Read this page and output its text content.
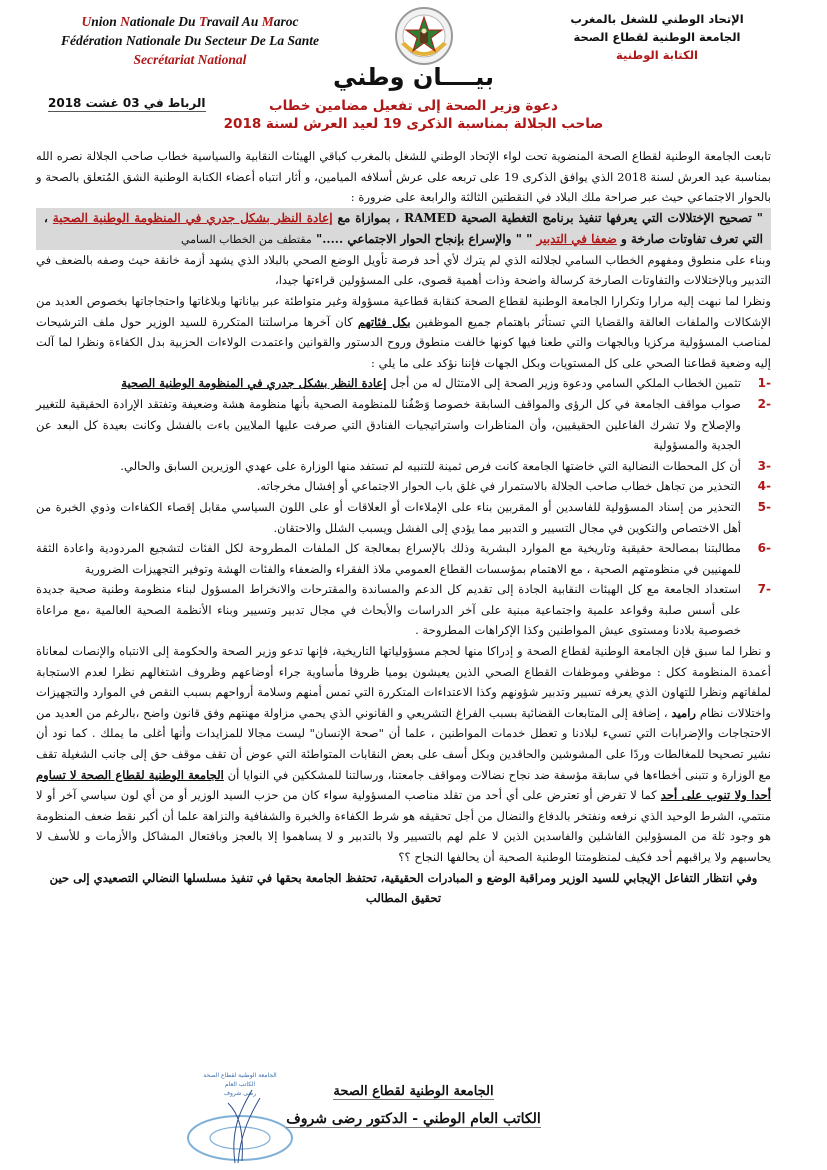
Union Nationale Du Travail Au Maroc
Fédération Nationale Du Secteur De La Sante
Secrétariat National
الإتحاد الوطني للشغل بالمغرب
الجامعة الوطنية لقطاع الصحة
الكتابة الوطنية
بيــــان وطني
دعوة وزير الصحة إلى تفعيل مضامين خطاب
صاحب الجلالة بمناسبة الذكرى 19 لعيد العرش لسنة 2018
الرباط في 03 غشت 2018

تابعت الجامعة الوطنية لقطاع الصحة المنضوية تحت لواء الإتحاد الوطني للشغل بالمغرب كباقي الهيئات النقابية والسياسية خطاب صاحب الجلالة نصره الله بمناسبة عيد العرش لسنة 2018 الذي يوافق الذكرى 19 على تربعه على عرش أسلافه الميامين، و أثار انتباه أعضاء الكتابة الوطنية الشق المُتعلق بالصحة و بالحوار الاجتماعي حيث عبر صراحة ملك البلاد في النقطتين الثالثة والرابعة على ضرورة :

" تصحيح الإختلالات التي يعرفها تنفيذ برنامج التغطية الصحية RAMED ، بموازاة مع إعادة النظر بشكل جدري في المنظومة الوطنية الصحية ، التي تعرف تفاوتات صارخة و ضعفا في التدبير " " والإسراع بإنجاح الحوار الاجتماعي ....." مقتطف من الخطاب السامي

وبناء على منطوق ومفهوم الخطاب السامي لجلالته الذي لم يترك لأي أحد فرصة تأويل الوضع الصحي بالبلاد الذي يشهد أزمة خانقة حيث وصفه بالضعف في التدبير وبالإختلالات والتفاوتات الصارخة كرسالة واضحة وذات أهمية قصوى، على المسؤولين قراءتها جيدا،

ونظرا لما نبهت إليه مرارا وتكرارا الجامعة الوطنية لقطاع الصحة كنقابة قطاعية مسؤولة وغير متواطئة عبر بياناتها وبلاغاتها واحتجاجاتها بخصوص العديد من الإشكالات والملفات العالقة والقضايا التي تستأثر باهتمام جميع الموظفين بكل فئاتهم كان آخرها مراسلتنا المتكررة للسيد الوزير حول ملف الترشيحات لمناصب المسؤولية مركزيا وبالجهات والتي طعنا فيها كونها خالفت منطوق وروح الدستور والقوانين واعتمدت الولاءات الحزبية بدل الكفاءة ونظرا لما آلت إليه وضعية قطاعنا الصحي على كل المستويات وبكل الجهات فإننا نؤكد على ما يلي :

-1
تثمين الخطاب الملكي السامي ودعوة وزير الصحة إلى الامتثال له من أجل إعادة النظر بشكل جدري في المنظومة الوطنية الصحية
-2
صواب مواقف الجامعة في كل الرؤى والمواقف السابقة خصوصا وَصْفُنا للمنظومة الصحية بأنها منظومة هشة وضعيفة وتفتقد الإرادة الحقيقية للتغيير والإصلاح ولا تشرك الفاعلين الحقيقيين، وأن المناظرات واستراتيجيات الفنادق التي صرفت عليها الملايين باءت بالفشل وكانت بعيدة كل البعد عن الجدية والمسؤولية
-3
أن كل المحطات النضالية التي خاضتها الجامعة كانت فرص ثمينة للتنبيه لم تستفد منها الوزارة على عهدي الوزيرين السابق والحالي.
-4
التحذير من تجاهل خطاب صاحب الجلالة بالاستمرار في غلق باب الحوار الاجتماعي أو إفشال مخرجاته.
-5
التحذير من إسناد المسؤولية للفاسدين أو المقربين بناء على الإملاءات أو العلاقات أو على اللون السياسي مقابل إقصاء الكفاءات وذوي الخبرة من أهل الاختصاص والتكوين في مجال التسيير و التدبير مما يؤدي إلى الفشل ويسبب الشلل والاحتقان.
-6
مطالبتنا بمصالحة حقيقية وتاريخية مع الموارد البشرية وذلك بالإسراع بمعالجة كل الملفات المطروحة لكل الفئات لتشجيع المردودية واعادة الثقة للمهنيين في منظومتهم الصحية ، مع الاهتمام بمؤسسات القطاع العمومي ملاذ الفقراء والضعفاء والفئات الهشة وتوفير التجهيزات الضرورية
-7
استعداد الجامعة مع كل الهيئات النقابية الجادة إلى تقديم كل الدعم والمساندة والمقترحات والانخراط المسؤول لبناء منظومة وطنية صحية جديدة على أسس صلبة وقواعد علمية واجتماعية مبنية على آخر الدراسات والأبحاث في مجال تدبير وتسيير وبناء الأنظمة الصحية العالمية ،مع مراعاة خصوصية بلادنا ومستوى عيش المواطنين وكذا الإكراهات المطروحة .

و نظرا لما سبق فإن الجامعة الوطنية لقطاع الصحة و إدراكا منها لحجم مسؤولياتها التاريخية، فإنها تدعو وزير الصحة والحكومة إلى الانتباه والإنصات لمعاناة أعمدة المنظومة ككل : موظفي وموظفات القطاع الصحي الذين يعيشون يوميا ظروفا مأساوية جراء أوضاعهم وظروف اشتغالهم نظرا لعدم الاستجابة لملفاتهم ونظرا للتهاون الذي يعرفه تسيير وتدبير شؤونهم وكذا الاعتداءات المتكررة التي تمس أمنهم وسلامة أرواحهم بسبب النقص في الموارد والتجهيزات واختلالات نظام راميد ، إضافة إلى المتابعات القضائية بسبب الفراغ التشريعي و القانوني الذي يحمي مزاولة مهنتهم وفق قانون واضح ،بالرغم من العديد من الاحتجاجات والإضرابات التي تسيء لبلادنا و تعطل خدمات المواطنين ، علما أن "صحة الإنسان" ليست مجالا للمزايدات وأنها أغلى ما يملك . كما نود أن نشير تصحيحا للمغالطات وردًا على المشوشين والحاقدين وبكل أسف على بعض النقابات المتواطئة التي عوض أن تقف موقف حق إلى جانب الشغيلة تقف مع الوزارة و تتبنى أخطاءها في سابقة مؤسفة ضد نجاح نضالات ومواقف جامعتنا، ورسالتنا للمشككين في النوايا أن الجامعة الوطنية لقطاع الصحة لا تساوم أحدا ولا تنوب على أحد كما لا تفرض أو تعترض على أي أحد من تقلد مناصب المسؤولية سواء كان من حزب السيد الوزير أو من أي لون سياسي آخر أو لا منتمي، الشرط الوحيد الذي نرفعه ونفتخر بالدفاع والنضال من أجل تحقيقه هو شرط الكفاءة والخبرة والشفافية والنزاهة علما أن أكبر نقط ضعف المنظومة هو وجود ثلة من المسؤولين الفاشلين والفاسدين الذين لا علم لهم بالتسيير ولا بالتدبير و لا يساهموا إلا بالعجز وبافتعال المشاكل والأزمات و للأسف لا يحاسبهم ولا يراقبهم أحد فكيف لمنظومتنا الوطنية الصحية أن يحالفها النجاح ؟؟

وفي انتظار التفاعل الإيجابي للسيد الوزير ومراقبة الوضع و المبادرات الحقيقية، تحتفظ الجامعة بحقها في تنفيذ مسلسلها النضالي التصعيدي إلى حين تحقيق المطالب

الجامعة الوطنية لقطاع الصحة
الكاتب العام
رضى شروف	الجامعة الوطنية لقطاع الصحة
الكاتب العام الوطني - الدكتور رضى شروف
